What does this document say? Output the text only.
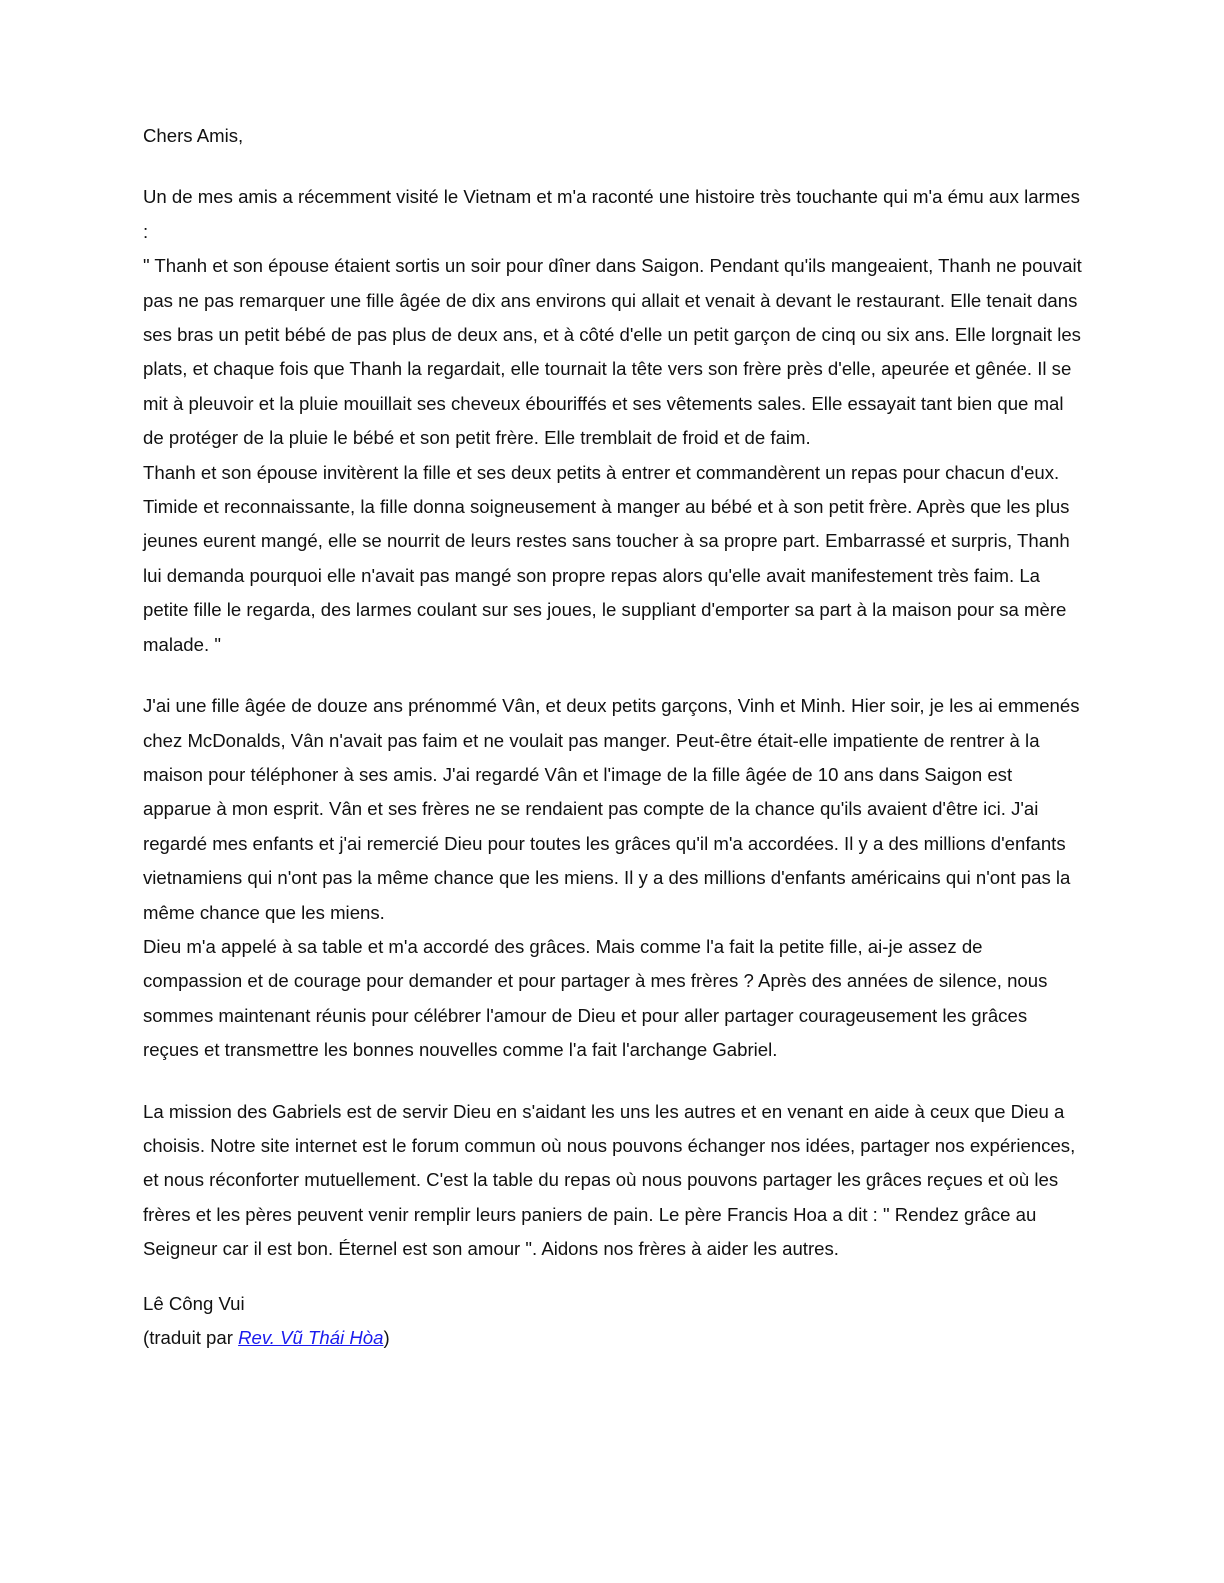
Chers Amis,

Un de mes amis a récemment visité le Vietnam et m'a raconté une histoire très touchante qui m'a ému aux larmes :

" Thanh et son épouse étaient sortis un soir pour dîner dans Saigon. Pendant qu'ils mangeaient, Thanh ne pouvait pas ne pas remarquer une fille âgée de dix ans environs qui allait et venait à devant le restaurant. Elle tenait dans ses bras un petit bébé de pas plus de deux ans, et à côté d'elle un petit garçon de cinq ou six ans. Elle lorgnait les plats, et chaque fois que Thanh la regardait, elle tournait la tête vers son frère près d'elle, apeurée et gênée. Il se mit à pleuvoir et la pluie mouillait ses cheveux ébouriffés et ses vêtements sales. Elle essayait tant bien que mal de protéger de la pluie le bébé et son petit frère. Elle tremblait de froid et de faim.

Thanh et son épouse invitèrent la fille et ses deux petits à entrer et commandèrent un repas pour chacun d'eux. Timide et reconnaissante, la fille donna soigneusement à manger au bébé et à son petit frère. Après que les plus jeunes eurent mangé, elle se nourrit de leurs restes sans toucher à sa propre part. Embarrassé et surpris, Thanh lui demanda pourquoi elle n'avait pas mangé son propre repas alors qu'elle avait manifestement très faim. La petite fille le regarda, des larmes coulant sur ses joues, le suppliant d'emporter sa part à la maison pour sa mère malade. "

J'ai une fille âgée de douze ans prénommé Vân, et deux petits garçons, Vinh et Minh. Hier soir, je les ai emmenés chez McDonalds, Vân n'avait pas faim et ne voulait pas manger. Peut-être était-elle impatiente de rentrer à la maison pour téléphoner à ses amis. J'ai regardé Vân et l'image de la fille âgée de 10 ans dans Saigon est apparue à mon esprit. Vân et ses frères ne se rendaient pas compte de la chance qu'ils avaient d'être ici. J'ai regardé mes enfants et j'ai remercié Dieu pour toutes les grâces qu'il m'a accordées. Il y a des millions d'enfants vietnamiens qui n'ont pas la même chance que les miens. Il y a des millions d'enfants américains qui n'ont pas la même chance que les miens.

Dieu m'a appelé à sa table et m'a accordé des grâces. Mais comme l'a fait la petite fille, ai-je assez de compassion et de courage pour demander et pour partager à mes frères ? Après des années de silence, nous sommes maintenant réunis pour célébrer l'amour de Dieu et pour aller partager courageusement les grâces reçues et transmettre les bonnes nouvelles comme l'a fait l'archange Gabriel.

La mission des Gabriels est de servir Dieu en s'aidant les uns les autres et en venant en aide à ceux que Dieu a choisis. Notre site internet est le forum commun où nous pouvons échanger nos idées, partager nos expériences, et nous réconforter mutuellement. C'est la table du repas où nous pouvons partager les grâces reçues et où les frères et les pères peuvent venir remplir leurs paniers de pain. Le père Francis Hoa a dit : " Rendez grâce au Seigneur car il est bon. Éternel est son amour ". Aidons nos frères à aider les autres.

Lê Công Vui

(traduit par Rev. Vũ Thái Hòa)
